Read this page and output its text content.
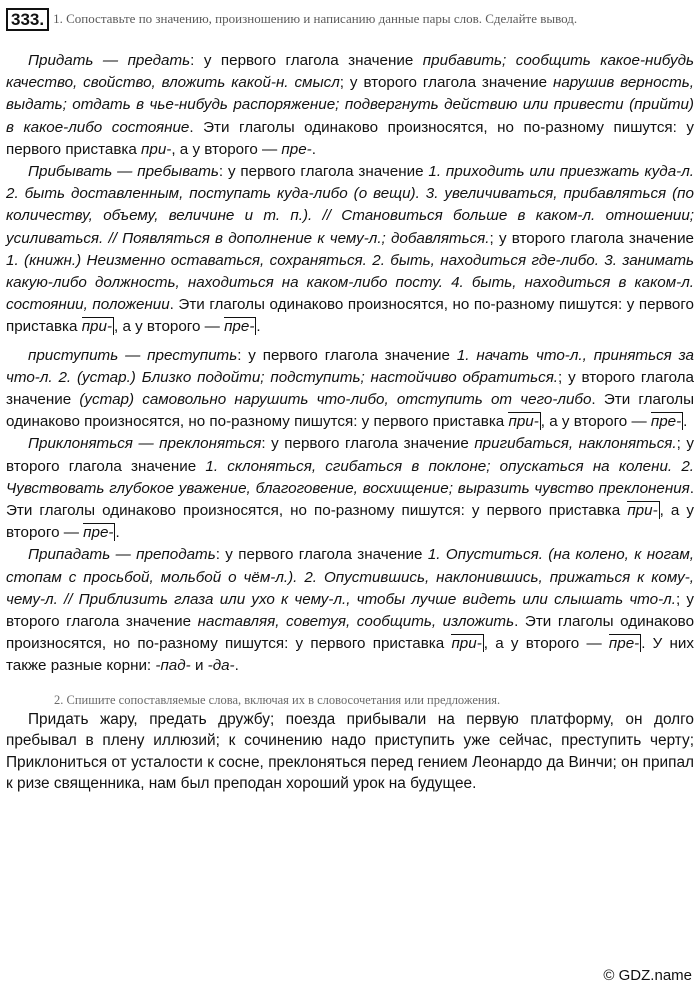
333. 1. Сопоставьте по значению, произношению и написанию данные пары слов. Сделайте вывод.

Придать — предать: у первого глагола значение прибавить; сообщить какое-нибудь качество, свойство, вложить какой-н. смысл; у второго глагола значение нарушив верность, выдать; отдать в чье-нибудь распоряжение; подвергнуть действию или привести (прийти) в какое-либо состояние. Эти глаголы одинаково произносятся, но по-разному пишутся: у первого приставка при-, а у второго — пре-.

Прибывать — пребывать: у первого глагола значение 1. приходить или приезжать куда-л. 2. быть доставленным, поступать куда-либо (о вещи). 3. увеличиваться, прибавляться (по количеству, объему, величине и т. п.). // Становиться больше в каком-л. отношении; усиливаться. // Появляться в дополнение к чему-л.; добавляться.; у второго глагола значение 1. (книжн.) Неизменно оставаться, сохраняться. 2. быть, находиться где-либо. 3. занимать какую-либо должность, находиться на каком-либо посту. 4. быть, находиться в каком-л. состоянии, положении. Эти глаголы одинаково произносятся, но по-разному пишутся: у первого приставка при- , а у второго — пре- .

приступить — преступить: у первого глагола значение 1. начать что-л., приняться за что-л. 2. (устар.) Близко подойти; подступить; настойчиво обратиться.; у второго глагола значение (устар) самовольно нарушить что-либо, отступить от чего-либо. Эти глаголы одинаково произносятся, но по-разному пишутся: у первого приставка при- , а у второго — пре- .

Приклоняться — преклоняться: у первого глагола значение пригибаться, наклоняться.; у второго глагола значение 1. склоняться, сгибаться в поклоне; опускаться на колени. 2. Чувствовать глубокое уважение, благоговение, восхищение; выразить чувство преклонения. Эти глаголы одинаково произносятся, но по-разному пишутся: у первого приставка при- , а у второго — пре- .

Припадать — преподать: у первого глагола значение 1. Опуститься. (на колено, к ногам, стопам с просьбой, мольбой о чём-л.). 2. Опустившись, наклонившись, прижаться к кому-, чему-л. // Приблизить глаза или ухо к чему-л., чтобы лучше видеть или слышать что-л.; у второго глагола значение наставляя, советуя, сообщить, изложить. Эти глаголы одинаково произносятся, но по-разному пишутся: у первого приставка при- , а у второго — пре- . У них также разные корни: -пад- и -да-.

2. Спишите сопоставляемые слова, включая их в словосочетания или предложения.

Придать жару, предать дружбу; поезда прибывали на первую платформу, он долго пребывал в плену иллюзий; к сочинению надо приступить уже сейчас, преступить черту; Приклониться от усталости к сосне, преклоняться перед гением Леонардо да Винчи; он припал к ризе священника, нам был преподан хороший урок на будущее.

© GDZ.name
